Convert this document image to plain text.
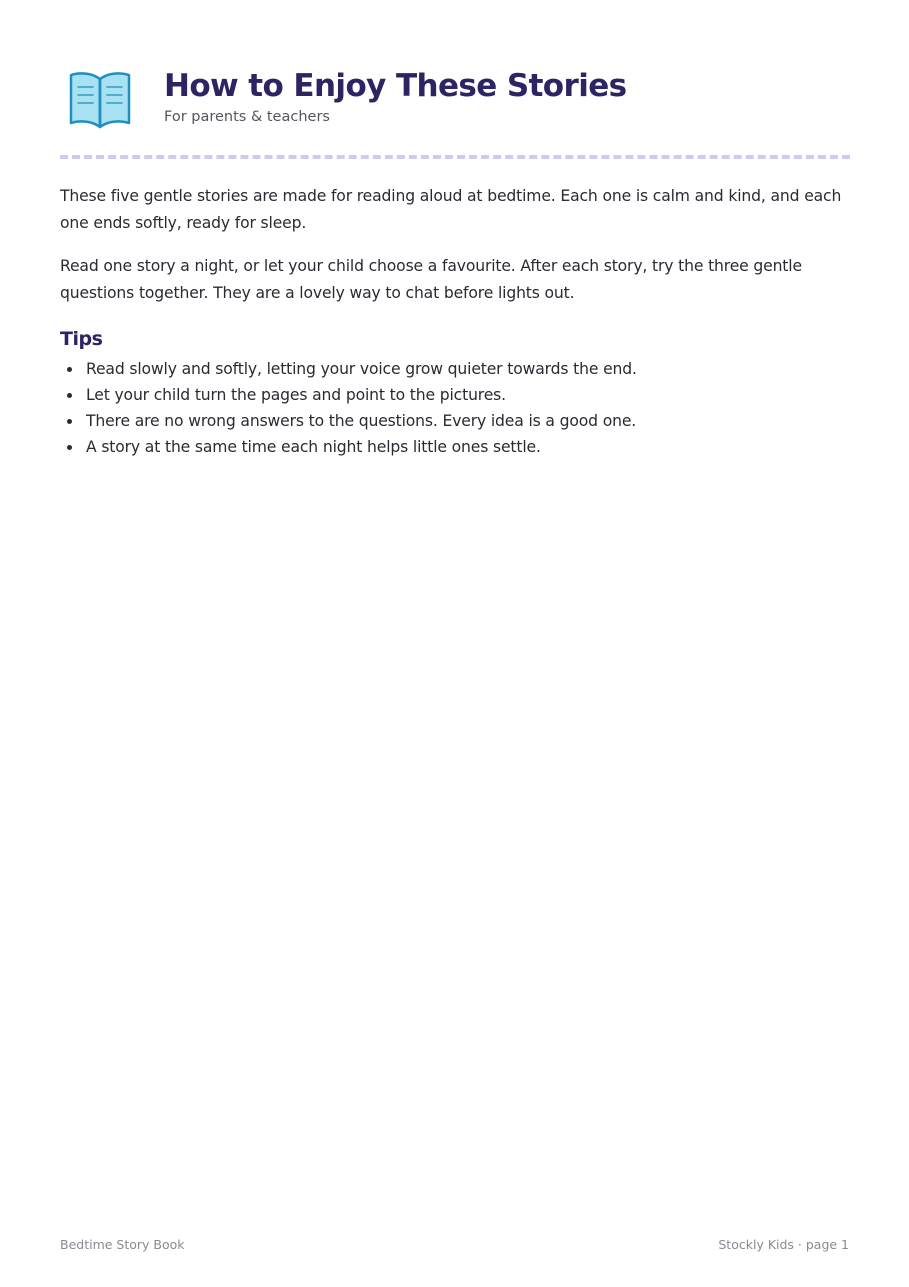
How to Enjoy These Stories
For parents & teachers

These five gentle stories are made for reading aloud at bedtime. Each one is calm and kind, and each one ends softly, ready for sleep.

Read one story a night, or let your child choose a favourite. After each story, try the three gentle questions together. They are a lovely way to chat before lights out.

Tips
Read slowly and softly, letting your voice grow quieter towards the end.
Let your child turn the pages and point to the pictures.
There are no wrong answers to the questions. Every idea is a good one.
A story at the same time each night helps little ones settle.
Bedtime Story Book	Stockly Kids · page 1
